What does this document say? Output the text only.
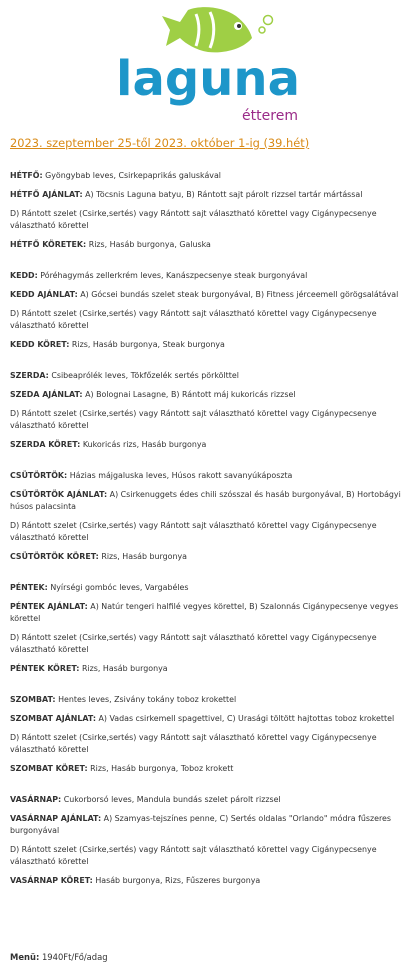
laguna
étterem
2023. szeptember 25-től 2023. október 1-ig (39.hét)
HÉTFŐ: Gyöngybab leves, Csirkepaprikás galuskával
HÉTFŐ AJÁNLAT: A) Töcsnis Laguna batyu, B) Rántott sajt párolt rizzsel tartár mártással
D) Rántott szelet (Csirke,sertés) vagy Rántott sajt választható körettel vagy Cigánypecsenye választható körettel
HÉTFŐ KÖRETEK: Rizs, Hasáb burgonya, Galuska
KEDD: Póréhagymás zellerkrém leves, Kanászpecsenye steak burgonyával
KEDD AJÁNLAT: A) Gócsei bundás szelet steak burgonyával, B) Fitness jérceemell görögsalátával
D) Rántott szelet (Csirke,sertés) vagy Rántott sajt választható körettel vagy Cigánypecsenye választható körettel
KEDD KÖRET: Rizs, Hasáb burgonya, Steak burgonya
SZERDA: Csibeaprólék leves, Tökfőzelék sertés pörkölttel
SZEDA AJÁNLAT: A) Bolognai Lasagne, B) Rántott máj kukoricás rizzsel
D) Rántott szelet (Csirke,sertés) vagy Rántott sajt választható körettel vagy Cigánypecsenye választható körettel
SZERDA KÖRET: Kukoricás rizs, Hasáb burgonya
CSÜTÖRTÖK: Házias májgaluska leves, Húsos rakott savanyúkáposzta
CSÜTÖRTÖK AJÁNLAT: A) Csirkenuggets édes chili szósszal és hasáb burgonyával, B) Hortobágyi húsos palacsinta
D) Rántott szelet (Csirke,sertés) vagy Rántott sajt választható körettel vagy Cigánypecsenye választható körettel
CSÜTÖRTÖK KÖRET: Rizs, Hasáb burgonya
PÉNTEK: Nyírségi gombóc leves, Vargabéles
PÉNTEK AJÁNLAT: A) Natúr tengeri halfilé vegyes körettel, B) Szalonnás Cigánypecsenye vegyes körettel
D) Rántott szelet (Csirke,sertés) vagy Rántott sajt választható körettel vagy Cigánypecsenye választható körettel
PÉNTEK KÖRET: Rizs, Hasáb burgonya
SZOMBAT: Hentes leves, Zsivány tokány toboz krokettel
SZOMBAT AJÁNLAT: A) Vadas csirkemell spagettivel, C) Urasági töltött hajtottas toboz krokettel
D) Rántott szelet (Csirke,sertés) vagy Rántott sajt választható körettel vagy Cigánypecsenye választható körettel
SZOMBAT KÖRET: Rizs, Hasáb burgonya, Toboz krokett
VASÁRNAP: Cukorborsó leves, Mandula bundás szelet párolt rizzsel
VASÁRNAP AJÁNLAT: A) Szamyas-tejszínes penne, C) Sertés oldalas "Orlando" módra fűszeres burgonyával
D) Rántott szelet (Csirke,sertés) vagy Rántott sajt választható körettel vagy Cigánypecsenye választható körettel
VASÁRNAP KÖRET: Hasáb burgonya, Rizs, Fűszeres burgonya
Menü: 1940Ft/Fő/adag
